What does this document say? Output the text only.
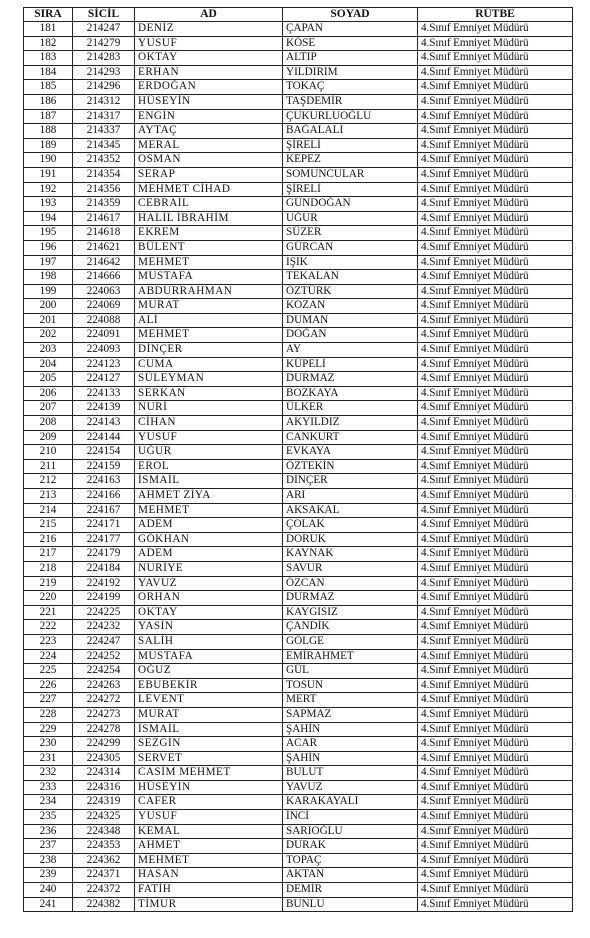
SIRA	SİCİL	AD	SOYAD	RÜTBE
181	214247	DENİZ	ÇAPAN	4.Sınıf Emniyet Müdürü
182	214279	YUSUF	KÖSE	4.Sınıf Emniyet Müdürü
183	214283	OKTAY	ALTIP	4.Sınıf Emniyet Müdürü
184	214293	ERHAN	YILDIRIM	4.Sınıf Emniyet Müdürü
185	214296	ERDOĞAN	TOKAÇ	4.Sınıf Emniyet Müdürü
186	214312	HÜSEYİN	TAŞDEMİR	4.Sınıf Emniyet Müdürü
187	214317	ENGİN	ÇUKURLUOĞLU	4.Sınıf Emniyet Müdürü
188	214337	AYTAÇ	BAĞALALI	4.Sınıf Emniyet Müdürü
189	214345	MERAL	ŞİRELİ	4.Sınıf Emniyet Müdürü
190	214352	OSMAN	KEPEZ	4.Sınıf Emniyet Müdürü
191	214354	SERAP	SOMUNCULAR	4.Sınıf Emniyet Müdürü
192	214356	MEHMET CİHAD	ŞİRELİ	4.Sınıf Emniyet Müdürü
193	214359	CEBRAİL	GÜNDOĞAN	4.Sınıf Emniyet Müdürü
194	214617	HALİL İBRAHİM	UĞUR	4.Sınıf Emniyet Müdürü
195	214618	EKREM	SÜZER	4.Sınıf Emniyet Müdürü
196	214621	BÜLENT	GÜRCAN	4.Sınıf Emniyet Müdürü
197	214642	MEHMET	IŞIK	4.Sınıf Emniyet Müdürü
198	214666	MUSTAFA	TEKALAN	4.Sınıf Emniyet Müdürü
199	224063	ABDURRAHMAN	ÖZTÜRK	4.Sınıf Emniyet Müdürü
200	224069	MURAT	KOZAN	4.Sınıf Emniyet Müdürü
201	224088	ALİ	DUMAN	4.Sınıf Emniyet Müdürü
202	224091	MEHMET	DOĞAN	4.Sınıf Emniyet Müdürü
203	224093	DİNÇER	AY	4.Sınıf Emniyet Müdürü
204	224123	CUMA	KÜPELİ	4.Sınıf Emniyet Müdürü
205	224127	SÜLEYMAN	DURMAZ	4.Sınıf Emniyet Müdürü
206	224133	SERKAN	BOZKAYA	4.Sınıf Emniyet Müdürü
207	224139	NURİ	ÜLKER	4.Sınıf Emniyet Müdürü
208	224143	CİHAN	AKYILDIZ	4.Sınıf Emniyet Müdürü
209	224144	YUSUF	CANKURT	4.Sınıf Emniyet Müdürü
210	224154	UĞUR	EVKAYA	4.Sınıf Emniyet Müdürü
211	224159	EROL	ÖZTEKİN	4.Sınıf Emniyet Müdürü
212	224163	İSMAİL	DİNÇER	4.Sınıf Emniyet Müdürü
213	224166	AHMET ZİYA	ARI	4.Sınıf Emniyet Müdürü
214	224167	MEHMET	AKSAKAL	4.Sınıf Emniyet Müdürü
215	224171	ADEM	ÇOLAK	4.Sınıf Emniyet Müdürü
216	224177	GÖKHAN	DORUK	4.Sınıf Emniyet Müdürü
217	224179	ADEM	KAYNAK	4.Sınıf Emniyet Müdürü
218	224184	NURİYE	SAVUR	4.Sınıf Emniyet Müdürü
219	224192	YAVUZ	ÖZCAN	4.Sınıf Emniyet Müdürü
220	224199	ORHAN	DURMAZ	4.Sınıf Emniyet Müdürü
221	224225	OKTAY	KAYGISIZ	4.Sınıf Emniyet Müdürü
222	224232	YASİN	ÇANDİK	4.Sınıf Emniyet Müdürü
223	224247	SALİH	GÖLGE	4.Sınıf Emniyet Müdürü
224	224252	MUSTAFA	EMİRAHMET	4.Sınıf Emniyet Müdürü
225	224254	OĞUZ	GÜL	4.Sınıf Emniyet Müdürü
226	224263	EBUBEKİR	TOSUN	4.Sınıf Emniyet Müdürü
227	224272	LEVENT	MERT	4.Sınıf Emniyet Müdürü
228	224273	MURAT	SAPMAZ	4.Sınıf Emniyet Müdürü
229	224278	İSMAİL	ŞAHİN	4.Sınıf Emniyet Müdürü
230	224299	SEZGİN	ACAR	4.Sınıf Emniyet Müdürü
231	224305	SERVET	ŞAHİN	4.Sınıf Emniyet Müdürü
232	224314	CASİM MEHMET	BULUT	4.Sınıf Emniyet Müdürü
233	224316	HÜSEYİN	YAVUZ	4.Sınıf Emniyet Müdürü
234	224319	CAFER	KARAKAYALI	4.Sınıf Emniyet Müdürü
235	224325	YUSUF	İNCİ	4.Sınıf Emniyet Müdürü
236	224348	KEMAL	SARIOĞLU	4.Sınıf Emniyet Müdürü
237	224353	AHMET	DURAK	4.Sınıf Emniyet Müdürü
238	224362	MEHMET	TOPAÇ	4.Sınıf Emniyet Müdürü
239	224371	HASAN	AKTAN	4.Sınıf Emniyet Müdürü
240	224372	FATİH	DEMİR	4.Sınıf Emniyet Müdürü
241	224382	TİMUR	BUNLU	4.Sınıf Emniyet Müdürü
